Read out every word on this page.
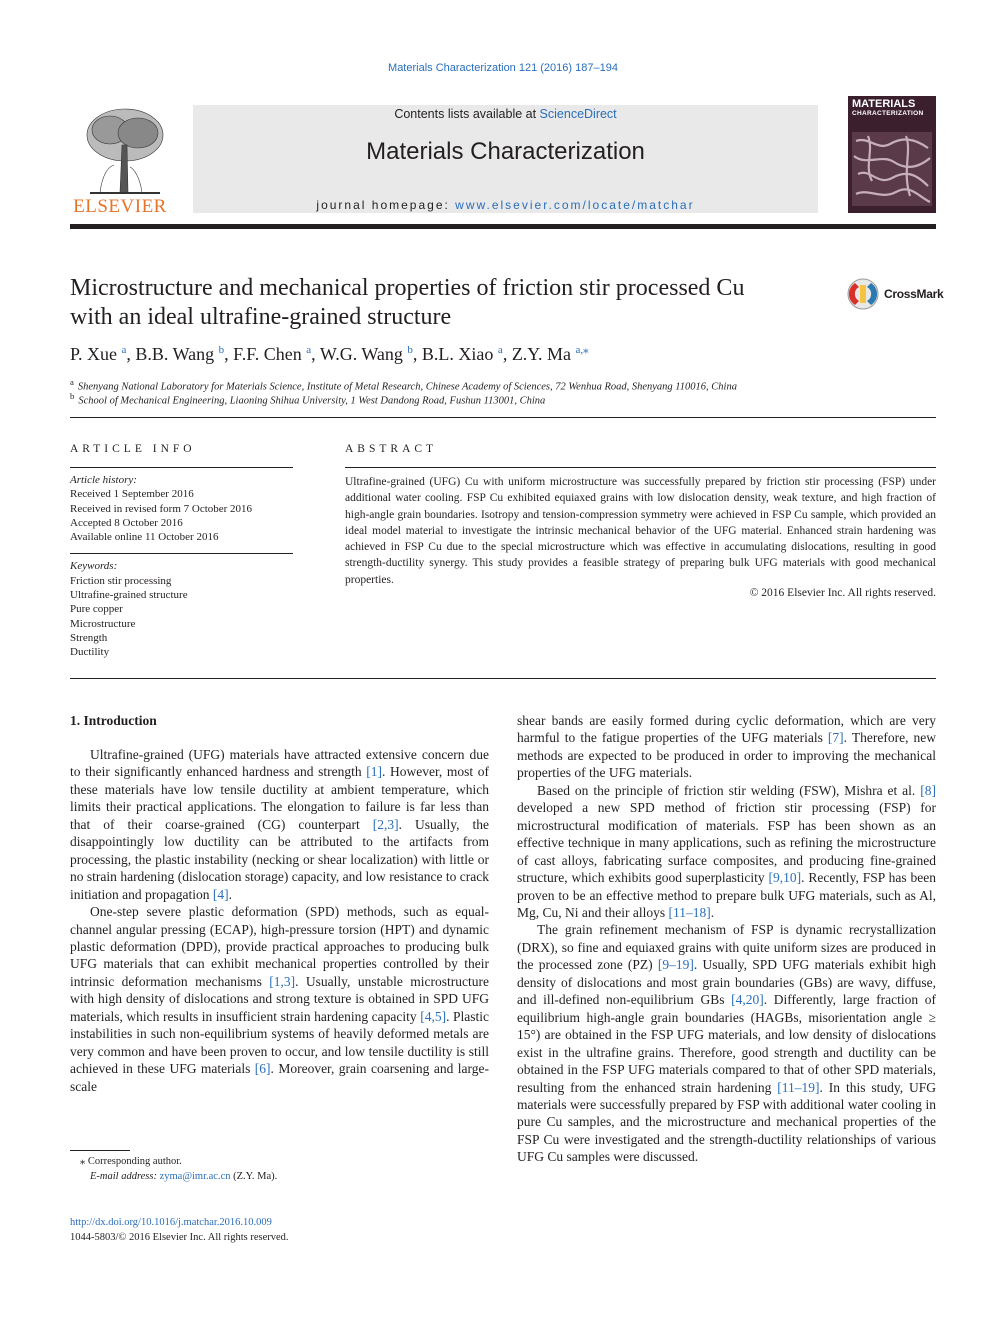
Materials Characterization 121 (2016) 187–194
ELSEVIER
Contents lists available at ScienceDirect
Materials Characterization
journal homepage: www.elsevier.com/locate/matchar
MATERIALS
CHARACTERIZATION
Microstructure and mechanical properties of friction stir processed Cu
with an ideal ultrafine-grained structure
CrossMark
P. Xue $^a$, B.B. Wang $^b$, F.F. Chen $^a$, W.G. Wang $^b$, B.L. Xiao $^a$, Z.Y. Ma $^{a,⁎}$
$^a$ Shenyang National Laboratory for Materials Science, Institute of Metal Research, Chinese Academy of Sciences, 72 Wenhua Road, Shenyang 110016, China
$^b$ School of Mechanical Engineering, Liaoning Shihua University, 1 West Dandong Road, Fushun 113001, China
ARTICLE INFO
Article history:
Received 1 September 2016
Received in revised form 7 October 2016
Accepted 8 October 2016
Available online 11 October 2016
Keywords:
Friction stir processing
Ultrafine-grained structure
Pure copper
Microstructure
Strength
Ductility
ABSTRACT
Ultrafine-grained (UFG) Cu with uniform microstructure was successfully prepared by friction stir processing (FSP) under additional water cooling. FSP Cu exhibited equiaxed grains with low dislocation density, weak texture, and high fraction of high-angle grain boundaries. Isotropy and tension-compression symmetry were achieved in FSP Cu sample, which provided an ideal model material to investigate the intrinsic mechanical behavior of the UFG material. Enhanced strain hardening was achieved in FSP Cu due to the special microstructure which was effective in accumulating dislocations, resulting in good strength-ductility synergy. This study provides a feasible strategy of preparing bulk UFG materials with good mechanical properties.
© 2016 Elsevier Inc. All rights reserved.
1. Introduction

Ultrafine-grained (UFG) materials have attracted extensive concern due to their significantly enhanced hardness and strength [1]. However, most of these materials have low tensile ductility at ambient temperature, which limits their practical applications. The elongation to failure is far less than that of their coarse-grained (CG) counterpart [2,3]. Usually, the disappointingly low ductility can be attributed to the artifacts from processing, the plastic instability (necking or shear localization) with little or no strain hardening (dislocation storage) capacity, and low resistance to crack initiation and propagation [4].

One-step severe plastic deformation (SPD) methods, such as equal-channel angular pressing (ECAP), high-pressure torsion (HPT) and dynamic plastic deformation (DPD), provide practical approaches to producing bulk UFG materials that can exhibit mechanical properties controlled by their intrinsic deformation mechanisms [1,3]. Usually, unstable microstructure with high density of dislocations and strong texture is obtained in SPD UFG materials, which results in insufficient strain hardening capacity [4,5]. Plastic instabilities in such non-equilibrium systems of heavily deformed metals are very common and have been proven to occur, and low tensile ductility is still achieved in these UFG materials [6]. Moreover, grain coarsening and large-scale

shear bands are easily formed during cyclic deformation, which are very harmful to the fatigue properties of the UFG materials [7]. Therefore, new methods are expected to be produced in order to improving the mechanical properties of the UFG materials.

Based on the principle of friction stir welding (FSW), Mishra et al. [8] developed a new SPD method of friction stir processing (FSP) for microstructural modification of materials. FSP has been shown as an effective technique in many applications, such as refining the microstructure of cast alloys, fabricating surface composites, and producing fine-grained structure, which exhibits good superplasticity [9,10]. Recently, FSP has been proven to be an effective method to prepare bulk UFG materials, such as Al, Mg, Cu, Ni and their alloys [11–18].

The grain refinement mechanism of FSP is dynamic recrystallization (DRX), so fine and equiaxed grains with quite uniform sizes are produced in the processed zone (PZ) [9–19]. Usually, SPD UFG materials exhibit high density of dislocations and most grain boundaries (GBs) are wavy, diffuse, and ill-defined non-equilibrium GBs [4,20]. Differently, large fraction of equilibrium high-angle grain boundaries (HAGBs, misorientation angle ≥ 15°) are obtained in the FSP UFG materials, and low density of dislocations exist in the ultrafine grains. Therefore, good strength and ductility can be obtained in the FSP UFG materials compared to that of other SPD materials, resulting from the enhanced strain hardening [11–19]. In this study, UFG materials were successfully prepared by FSP with additional water cooling in pure Cu samples, and the microstructure and mechanical properties of the FSP Cu were investigated and the strength-ductility relationships of various UFG Cu samples were discussed.

⁎ Corresponding author.
E-mail address: zyma@imr.ac.cn (Z.Y. Ma).
http://dx.doi.org/10.1016/j.matchar.2016.10.009
1044-5803/© 2016 Elsevier Inc. All rights reserved.
